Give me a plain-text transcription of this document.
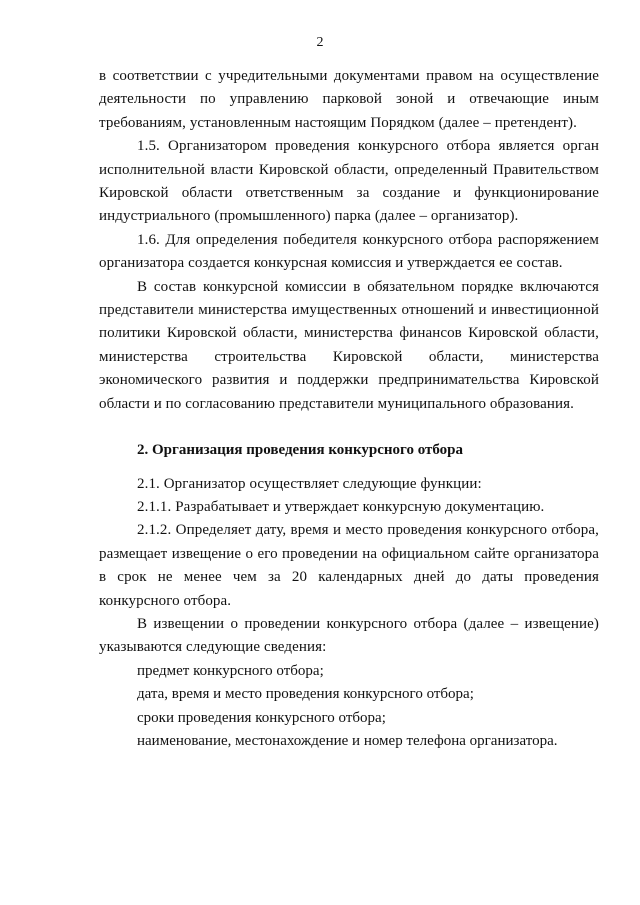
2

в соответствии с учредительными документами правом на осуществление деятельности по управлению парковой зоной и отвечающие иным требованиям, установленным настоящим Порядком (далее – претендент).

1.5. Организатором проведения конкурсного отбора является орган исполнительной власти Кировской области, определенный Правительством Кировской области ответственным за создание и функционирование индустриального (промышленного) парка (далее – организатор).

1.6. Для определения победителя конкурсного отбора распоряжением организатора создается конкурсная комиссия и утверждается ее состав.

В состав конкурсной комиссии в обязательном порядке включаются представители министерства имущественных отношений и инвестиционной политики Кировской области, министерства финансов Кировской области, министерства строительства Кировской области, министерства экономического развития и поддержки предпринимательства Кировской области и по согласованию представители муниципального образования.

2. Организация проведения конкурсного отбора

2.1. Организатор осуществляет следующие функции:

2.1.1. Разрабатывает и утверждает конкурсную документацию.

2.1.2. Определяет дату, время и место проведения конкурсного отбора, размещает извещение о его проведении на официальном сайте организатора в срок не менее чем за 20 календарных дней до даты проведения конкурсного отбора.

В извещении о проведении конкурсного отбора (далее – извещение) указываются следующие сведения:

предмет конкурсного отбора;

дата, время и место проведения конкурсного отбора;

сроки проведения конкурсного отбора;

наименование, местонахождение и номер телефона организатора.
